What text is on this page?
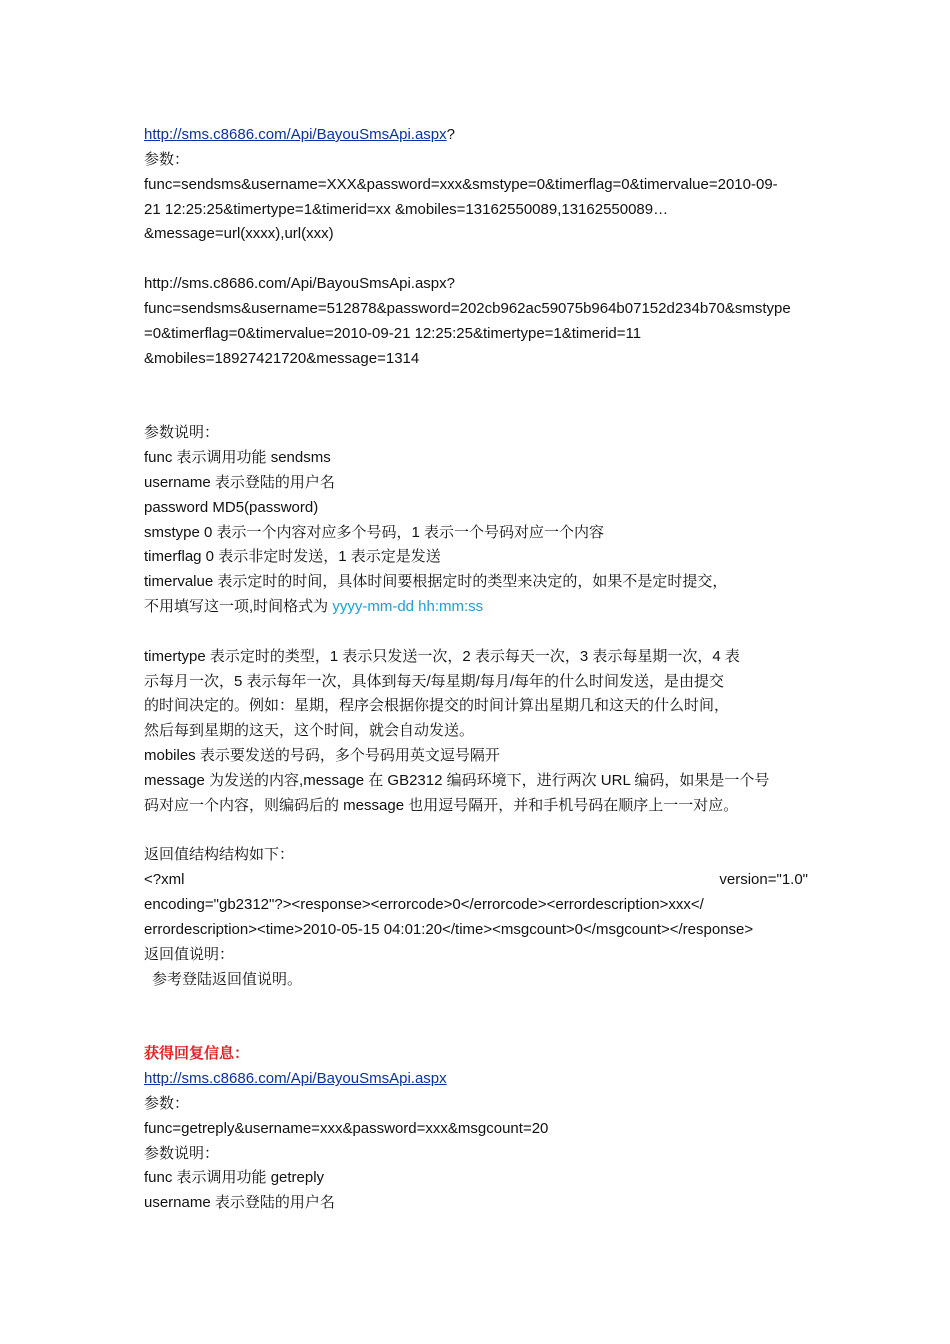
http://sms.c8686.com/Api/BayouSmsApi.aspx?
参数：
func=sendsms&username=XXX&password=xxx&smstype=0&timerflag=0&timervalue=2010-09-
21 12:25:25&timertype=1&timerid=xx &mobiles=13162550089,13162550089…
&message=url(xxxx),url(xxx)
http://sms.c8686.com/Api/BayouSmsApi.aspx?
func=sendsms&username=512878&password=202cb962ac59075b964b07152d234b70&smstype
=0&timerflag=0&timervalue=2010-09-21 12:25:25&timertype=1&timerid=11
&mobiles=18927421720&message=1314
参数说明：
func 表示调用功能 sendsms
username 表示登陆的用户名
password MD5(password)
smstype 0 表示一个内容对应多个号码，1 表示一个号码对应一个内容
timerflag 0 表示非定时发送，1 表示定是发送
timervalue 表示定时的时间，具体时间要根据定时的类型来决定的，如果不是定时提交，
不用填写这一项,时间格式为 yyyy-mm-dd hh:mm:ss
timertype 表示定时的类型，1 表示只发送一次，2 表示每天一次，3 表示每星期一次，4 表
示每月一次，5 表示每年一次，具体到每天/每星期/每月/每年的什么时间发送，是由提交
的时间决定的。例如：星期，程序会根据你提交的时间计算出星期几和这天的什么时间，
然后每到星期的这天，这个时间，就会自动发送。
mobiles 表示要发送的号码，多个号码用英文逗号隔开
message 为发送的内容,message 在 GB2312 编码环境下，进行两次 URL 编码，如果是一个号
码对应一个内容，则编码后的 message 也用逗号隔开，并和手机号码在顺序上一一对应。
返回值结构结构如下：
<?xml	version="1.0"
encoding="gb2312"?><response><errorcode>0</errorcode><errordescription>xxx</
errordescription><time>2010-05-15 04:01:20</time><msgcount>0</msgcount></response>
返回值说明：
参考登陆返回值说明。
获得回复信息：
http://sms.c8686.com/Api/BayouSmsApi.aspx
参数：
func=getreply&username=xxx&password=xxx&msgcount=20
参数说明：
func 表示调用功能 getreply
username 表示登陆的用户名
